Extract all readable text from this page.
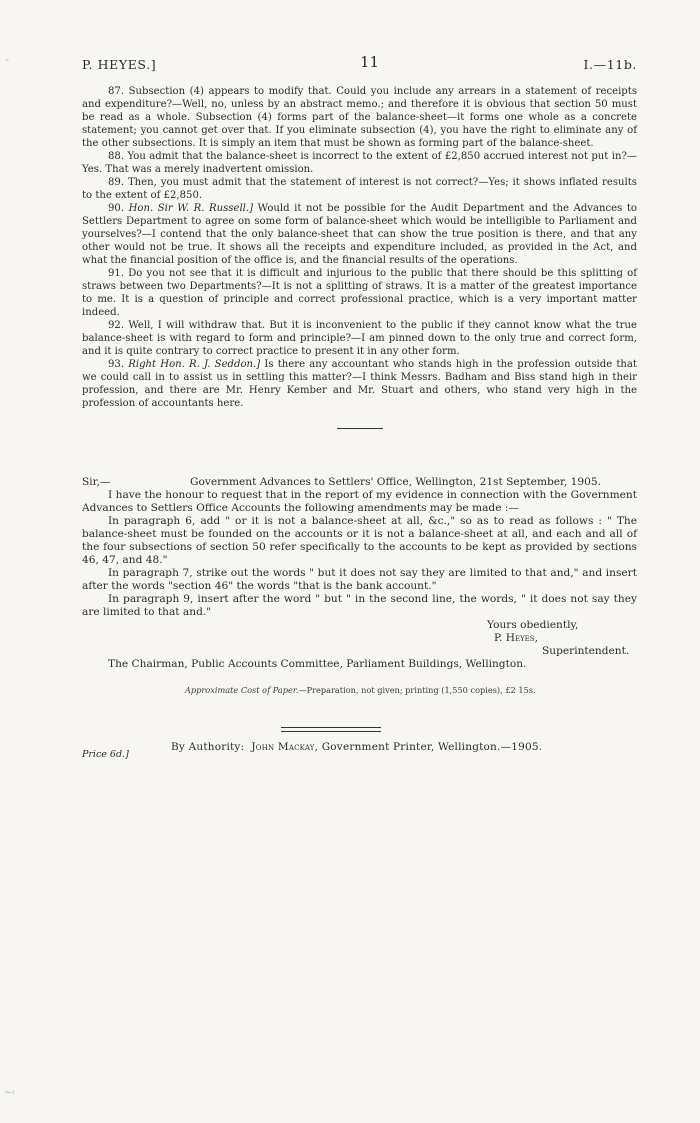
P. HEYES.]	11	I.—11b.

87. Subsection (4) appears to modify that. Could you include any arrears in a statement of receipts and expenditure?—Well, no, unless by an abstract memo.; and therefore it is obvious that section 50 must be read as a whole. Subsection (4) forms part of the balance-sheet—it forms one whole as a concrete statement; you cannot get over that. If you eliminate subsection (4), you have the right to eliminate any of the other subsections. It is simply an item that must be shown as forming part of the balance-sheet.

88. You admit that the balance-sheet is incorrect to the extent of £2,850 accrued interest not put in?—Yes. That was a merely inadvertent omission.

89. Then, you must admit that the statement of interest is not correct?—Yes; it shows inflated results to the extent of £2,850.

90. Hon. Sir W. R. Russell.] Would it not be possible for the Audit Department and the Advances to Settlers Department to agree on some form of balance-sheet which would be intelligible to Parliament and yourselves?—I contend that the only balance-sheet that can show the true position is there, and that any other would not be true. It shows all the receipts and expenditure included, as provided in the Act, and what the financial position of the office is, and the financial results of the operations.

91. Do you not see that it is difficult and injurious to the public that there should be this splitting of straws between two Departments?—It is not a splitting of straws. It is a matter of the greatest importance to me. It is a question of principle and correct professional practice, which is a very important matter indeed.

92. Well, I will withdraw that. But it is inconvenient to the public if they cannot know what the true balance-sheet is with regard to form and principle?—I am pinned down to the only true and correct form, and it is quite contrary to correct practice to present it in any other form.

93. Right Hon. R. J. Seddon.] Is there any accountant who stands high in the profession outside that we could call in to assist us in settling this matter?—I think Messrs. Badham and Biss stand high in their profession, and there are Mr. Henry Kember and Mr. Stuart and others, who stand very high in the profession of accountants here.

Sir,—	Government Advances to Settlers' Office, Wellington, 21st September, 1905.

I have the honour to request that in the report of my evidence in connection with the Government Advances to Settlers Office Accounts the following amendments may be made :—

In paragraph 6, add " or it is not a balance-sheet at all, &c.," so as to read as follows : " The balance-sheet must be founded on the accounts or it is not a balance-sheet at all, and each and all of the four subsections of section 50 refer specifically to the accounts to be kept as provided by sections 46, 47, and 48."

In paragraph 7, strike out the words " but it does not say they are limited to that and," and insert after the words "section 46" the words "that is the bank account."

In paragraph 9, insert after the word " but " in the second line, the words, " it does not say they are limited to that and."

Yours obediently,
P. Heyes,
Superintendent.

The Chairman, Public Accounts Committee, Parliament Buildings, Wellington.

Approximate Cost of Paper.—Preparation, not given; printing (1,550 copies), £2 15s.
By Authority: John Mackay, Government Printer, Wellington.—1905.
Price 6d.]
ˇ
~‹
